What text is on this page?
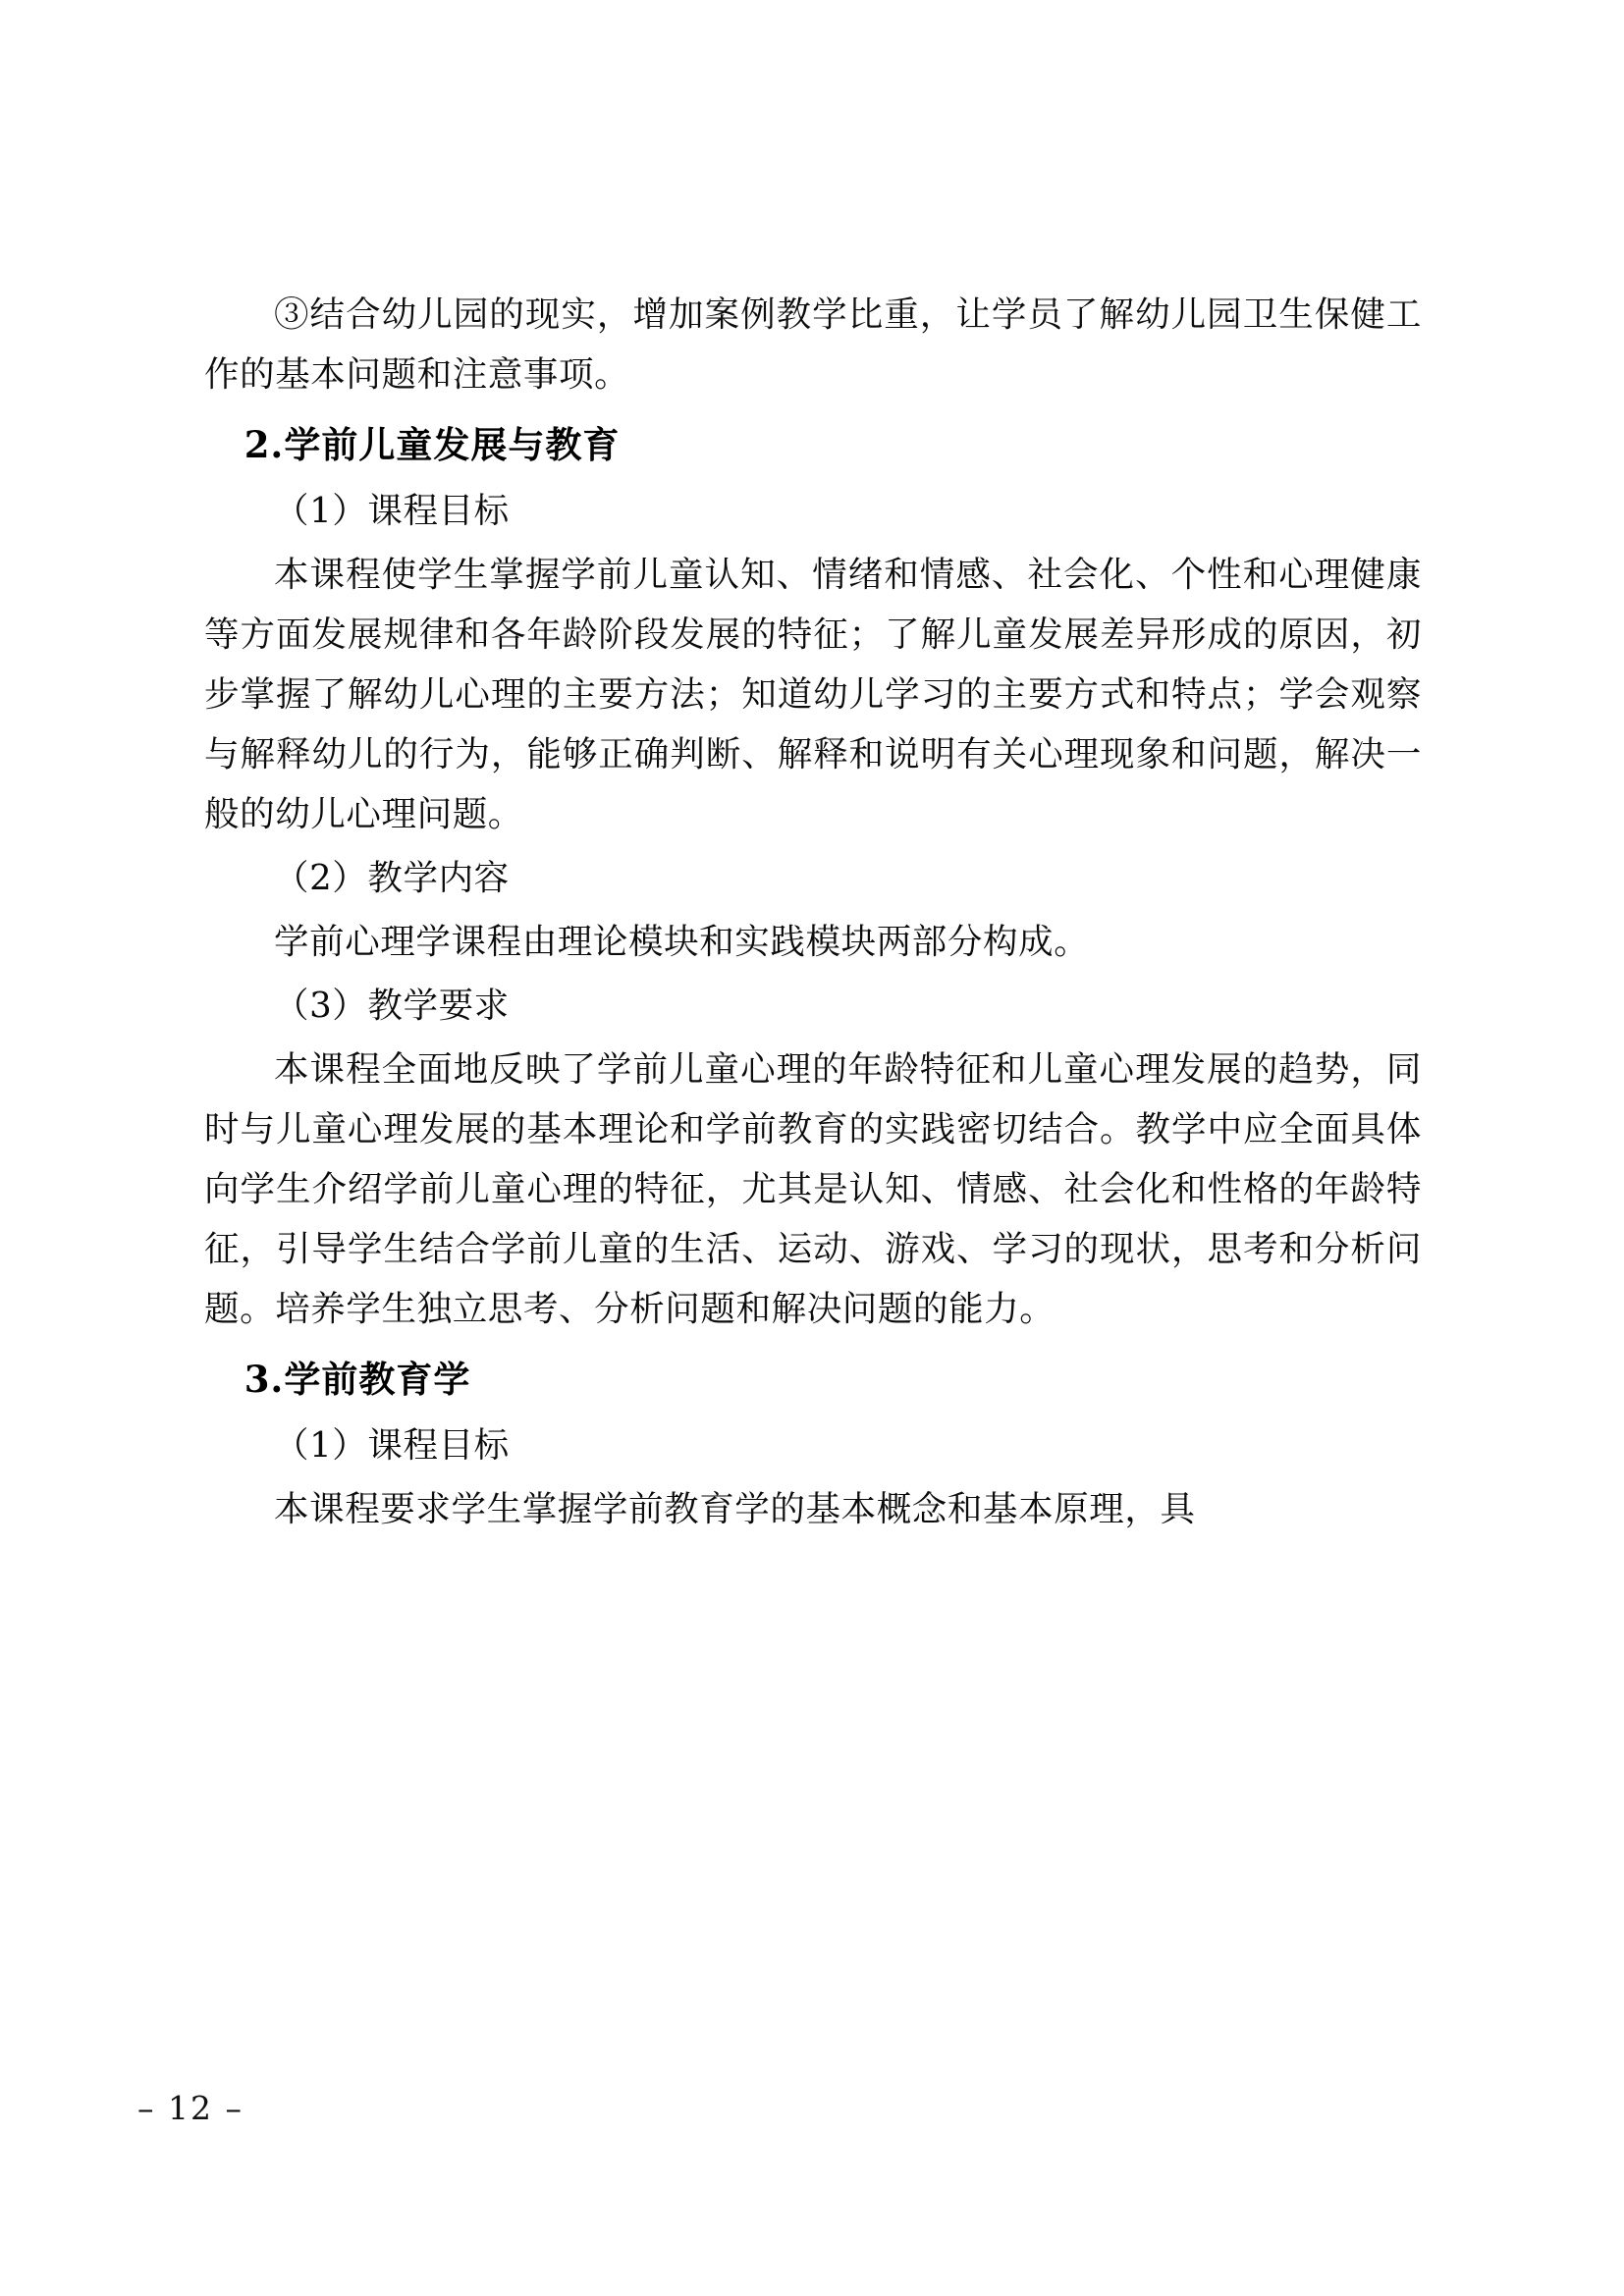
③结合幼儿园的现实，增加案例教学比重，让学员了解幼儿园卫生保健工作的基本问题和注意事项。

2.学前儿童发展与教育

（1）课程目标

本课程使学生掌握学前儿童认知、情绪和情感、社会化、个性和心理健康等方面发展规律和各年龄阶段发展的特征；了解儿童发展差异形成的原因，初步掌握了解幼儿心理的主要方法；知道幼儿学习的主要方式和特点；学会观察与解释幼儿的行为，能够正确判断、解释和说明有关心理现象和问题，解决一般的幼儿心理问题。

（2）教学内容

学前心理学课程由理论模块和实践模块两部分构成。

（3）教学要求

本课程全面地反映了学前儿童心理的年龄特征和儿童心理发展的趋势，同时与儿童心理发展的基本理论和学前教育的实践密切结合。教学中应全面具体向学生介绍学前儿童心理的特征，尤其是认知、情感、社会化和性格的年龄特征，引导学生结合学前儿童的生活、运动、游戏、学习的现状，思考和分析问题。培养学生独立思考、分析问题和解决问题的能力。

3.学前教育学

（1）课程目标

本课程要求学生掌握学前教育学的基本概念和基本原理，具

– 12 –
